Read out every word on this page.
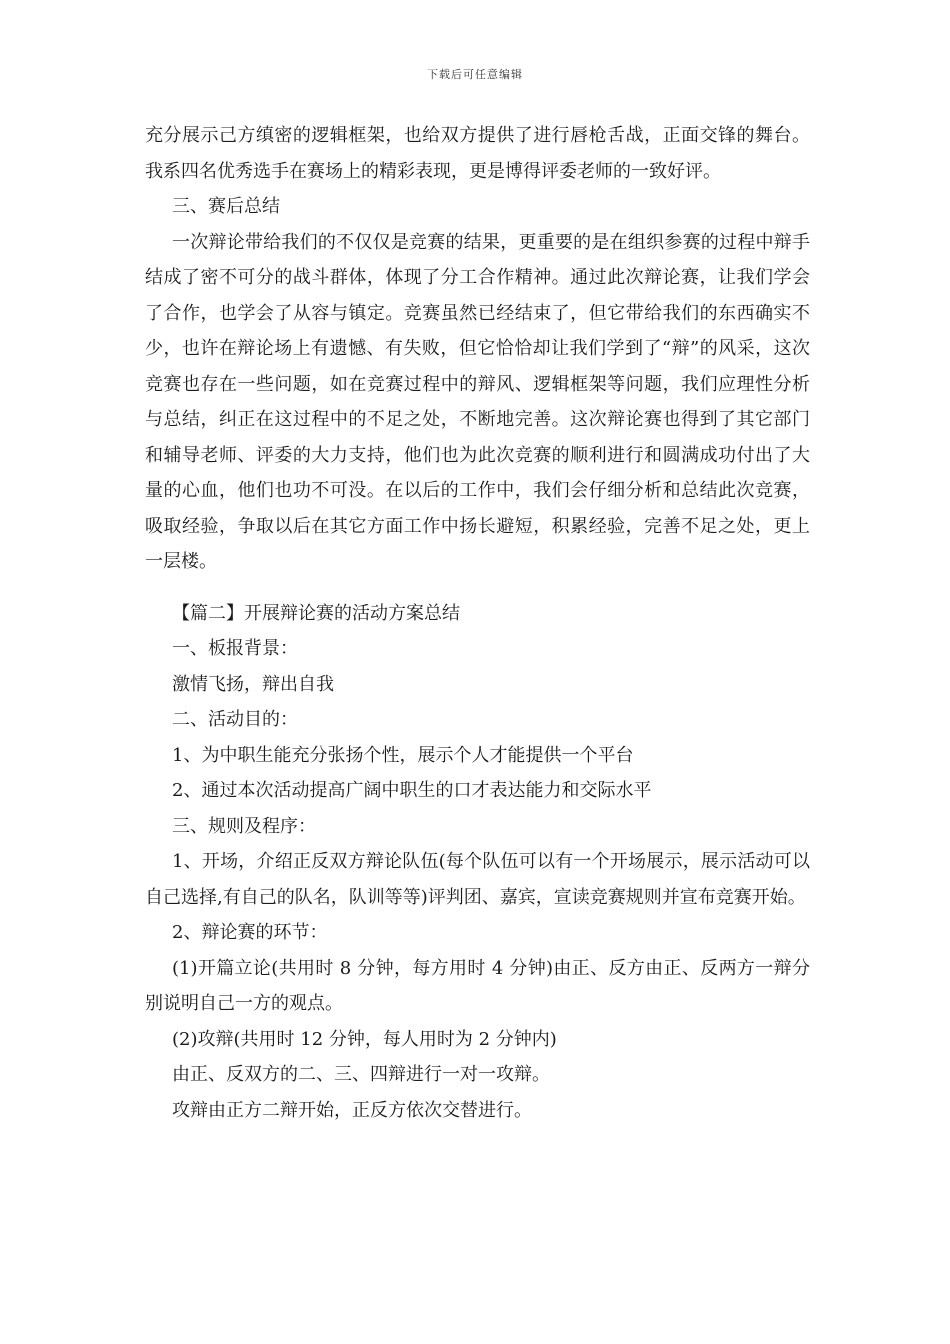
下载后可任意编辑

充分展示己方缜密的逻辑框架，也给双方提供了进行唇枪舌战，正面交锋的舞台。我系四名优秀选手在赛场上的精彩表现，更是博得评委老师的一致好评。

三、赛后总结

一次辩论带给我们的不仅仅是竞赛的结果，更重要的是在组织参赛的过程中辩手结成了密不可分的战斗群体，体现了分工合作精神。通过此次辩论赛，让我们学会了合作，也学会了从容与镇定。竞赛虽然已经结束了，但它带给我们的东西确实不少，也许在辩论场上有遗憾、有失败，但它恰恰却让我们学到了“辩”的风采，这次竞赛也存在一些问题，如在竞赛过程中的辩风、逻辑框架等问题，我们应理性分析与总结，纠正在这过程中的不足之处，不断地完善。这次辩论赛也得到了其它部门和辅导老师、评委的大力支持，他们也为此次竞赛的顺利进行和圆满成功付出了大量的心血，他们也功不可没。在以后的工作中，我们会仔细分析和总结此次竞赛，吸取经验，争取以后在其它方面工作中扬长避短，积累经验，完善不足之处，更上一层楼。

【篇二】开展辩论赛的活动方案总结

一、板报背景：

激情飞扬，辩出自我

二、活动目的：

1、为中职生能充分张扬个性，展示个人才能提供一个平台

2、通过本次活动提高广阔中职生的口才表达能力和交际水平

三、规则及程序：

1、开场，介绍正反双方辩论队伍(每个队伍可以有一个开场展示，展示活动可以自己选择,有自己的队名，队训等等)评判团、嘉宾，宣读竞赛规则并宣布竞赛开始。

2、辩论赛的环节：

(1)开篇立论(共用时 8 分钟，每方用时 4 分钟)由正、反方由正、反两方一辩分别说明自己一方的观点。

(2)攻辩(共用时 12 分钟，每人用时为 2 分钟内)

由正、反双方的二、三、四辩进行一对一攻辩。

攻辩由正方二辩开始，正反方依次交替进行。
